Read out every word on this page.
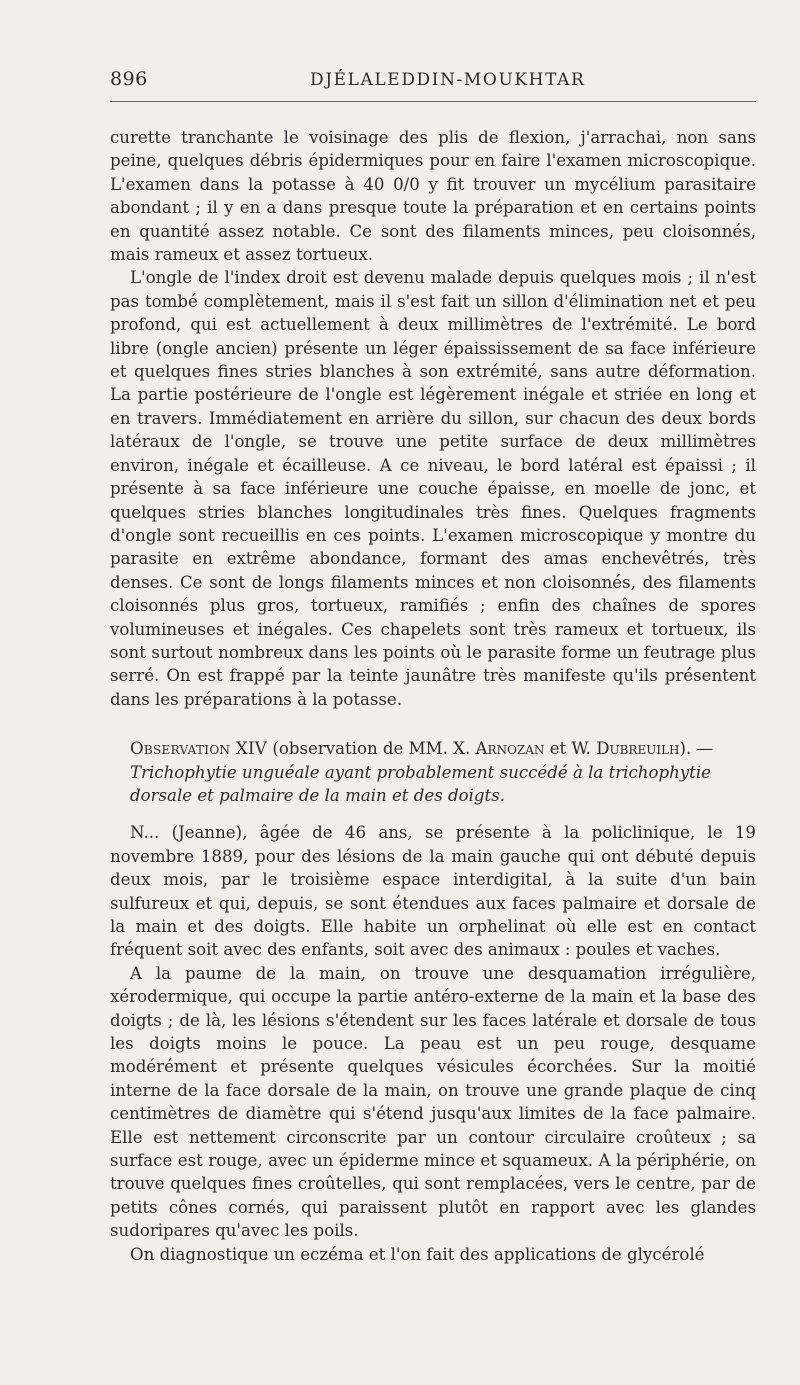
896	DJÉLALEDDIN-MOUKHTAR

curette tranchante le voisinage des plis de flexion, j'arrachai, non sans peine, quelques débris épidermiques pour en faire l'examen microscopique. L'examen dans la potasse à 40 0/0 y fit trouver un mycélium parasitaire abondant ; il y en a dans presque toute la préparation et en certains points en quantité assez notable. Ce sont des filaments minces, peu cloisonnés, mais rameux et assez tortueux.

L'ongle de l'index droit est devenu malade depuis quelques mois ; il n'est pas tombé complètement, mais il s'est fait un sillon d'élimination net et peu profond, qui est actuellement à deux millimètres de l'extrémité. Le bord libre (ongle ancien) présente un léger épaississement de sa face inférieure et quelques fines stries blanches à son extrémité, sans autre déformation. La partie postérieure de l'ongle est légèrement inégale et striée en long et en travers. Immédiatement en arrière du sillon, sur chacun des deux bords latéraux de l'ongle, se trouve une petite surface de deux millimètres environ, inégale et écailleuse. A ce niveau, le bord latéral est épaissi ; il présente à sa face inférieure une couche épaisse, en moelle de jonc, et quelques stries blanches longitudinales très fines. Quelques fragments d'ongle sont recueillis en ces points. L'examen microscopique y montre du parasite en extrême abondance, formant des amas enchevêtrés, très denses. Ce sont de longs filaments minces et non cloisonnés, des filaments cloisonnés plus gros, tortueux, ramifiés ; enfin des chaînes de spores volumineuses et inégales. Ces chapelets sont très rameux et tortueux, ils sont surtout nombreux dans les points où le parasite forme un feutrage plus serré. On est frappé par la teinte jaunâtre très manifeste qu'ils présentent dans les préparations à la potasse.

Observation XIV (observation de MM. X. Arnozan et W. Dubreuilh). —

Trichophytie unguéale ayant probablement succédé à la trichophytie dorsale et palmaire de la main et des doigts.

N... (Jeanne), âgée de 46 ans, se présente à la policlinique, le 19 novembre 1889, pour des lésions de la main gauche qui ont débuté depuis deux mois, par le troisième espace interdigital, à la suite d'un bain sulfureux et qui, depuis, se sont étendues aux faces palmaire et dorsale de la main et des doigts. Elle habite un orphelinat où elle est en contact fréquent soit avec des enfants, soit avec des animaux : poules et vaches.

A la paume de la main, on trouve une desquamation irrégulière, xérodermique, qui occupe la partie antéro-externe de la main et la base des doigts ; de là, les lésions s'étendent sur les faces latérale et dorsale de tous les doigts moins le pouce. La peau est un peu rouge, desquame modérément et présente quelques vésicules écorchées. Sur la moitié interne de la face dorsale de la main, on trouve une grande plaque de cinq centimètres de diamètre qui s'étend jusqu'aux limites de la face palmaire. Elle est nettement circonscrite par un contour circulaire croûteux ; sa surface est rouge, avec un épiderme mince et squameux. A la périphérie, on trouve quelques fines croûtelles, qui sont remplacées, vers le centre, par de petits cônes cornés, qui paraissent plutôt en rapport avec les glandes sudoripares qu'avec les poils.

On diagnostique un eczéma et l'on fait des applications de glycérolé
